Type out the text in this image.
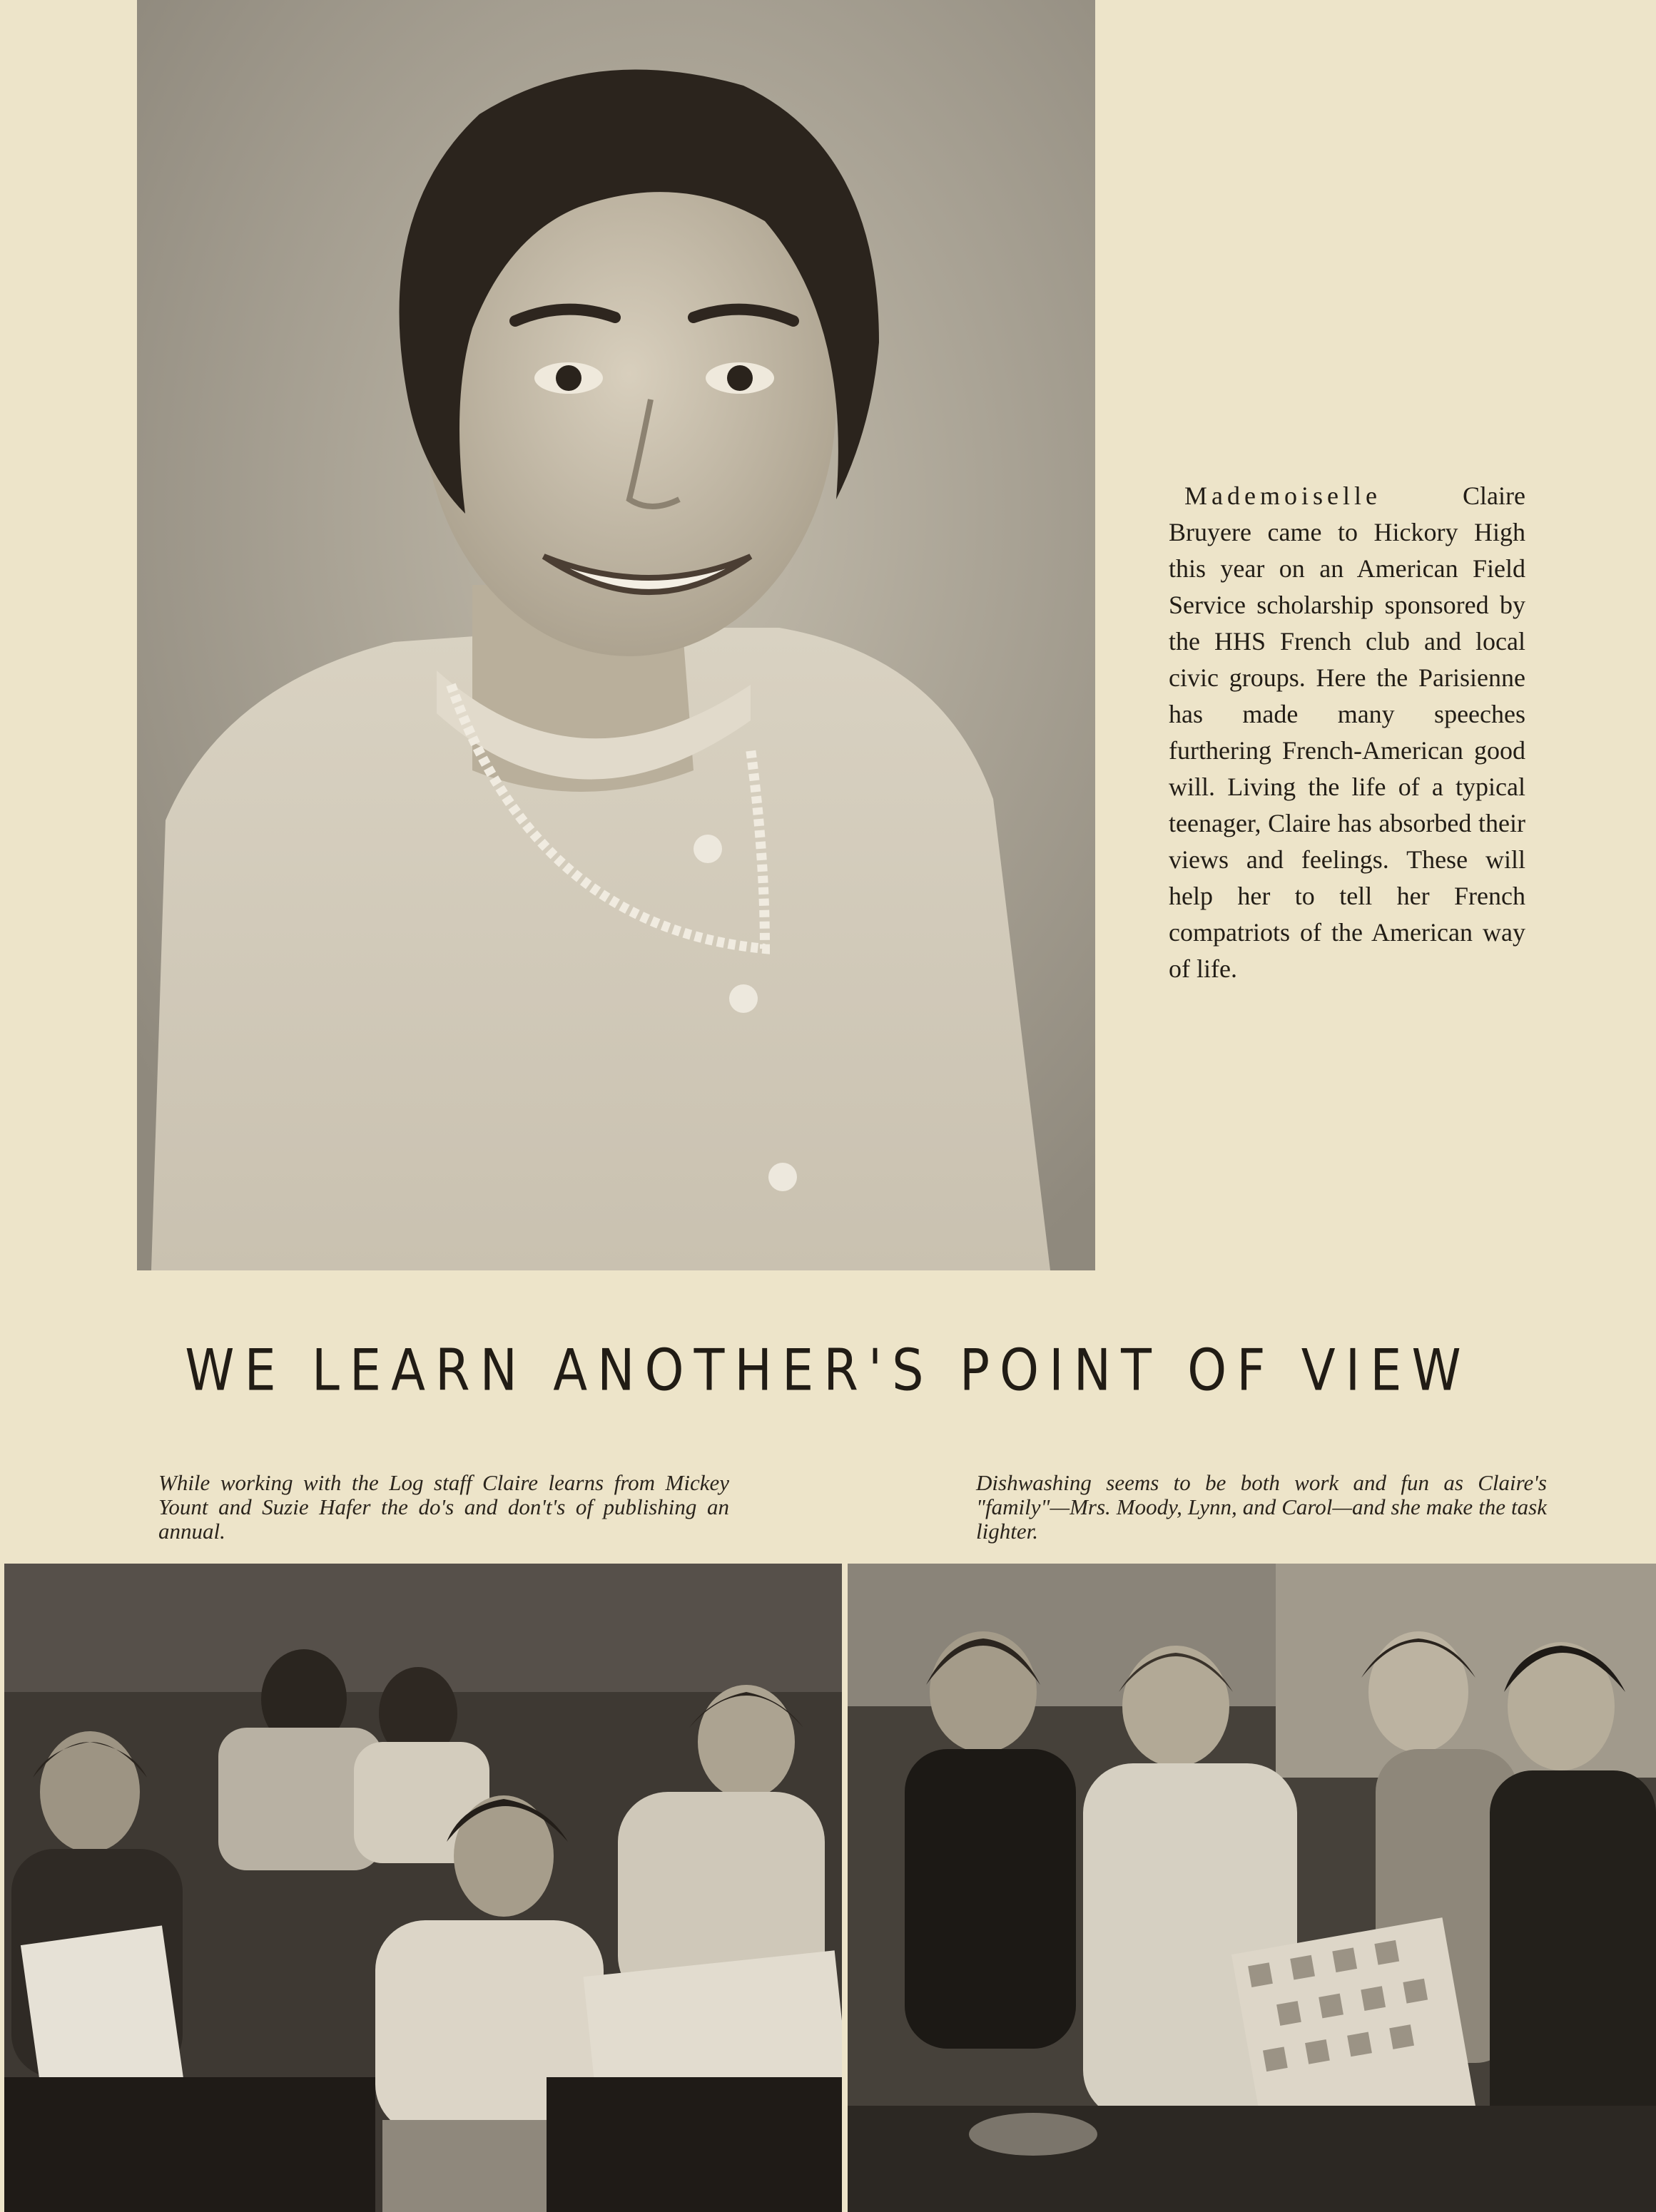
Mademoiselle	Claire Bruyere came to Hickory High this year on an American Field Service scholarship sponsored by the HHS French club and local civic groups. Here the Parisienne has made many speeches furthering French-American good will. Living the life of a typical teenager, Claire has absorbed their views and feelings. These will help her to tell her French compatriots of the American way of life.

WE LEARN ANOTHER'S POINT OF VIEW

While working with the Log staff Claire learns from Mickey Yount and Suzie Hafer the do's and don't's of publishing an annual.

Dishwashing seems to be both work and fun as Claire's "family"—Mrs. Moody, Lynn, and Carol—and she make the task lighter.
